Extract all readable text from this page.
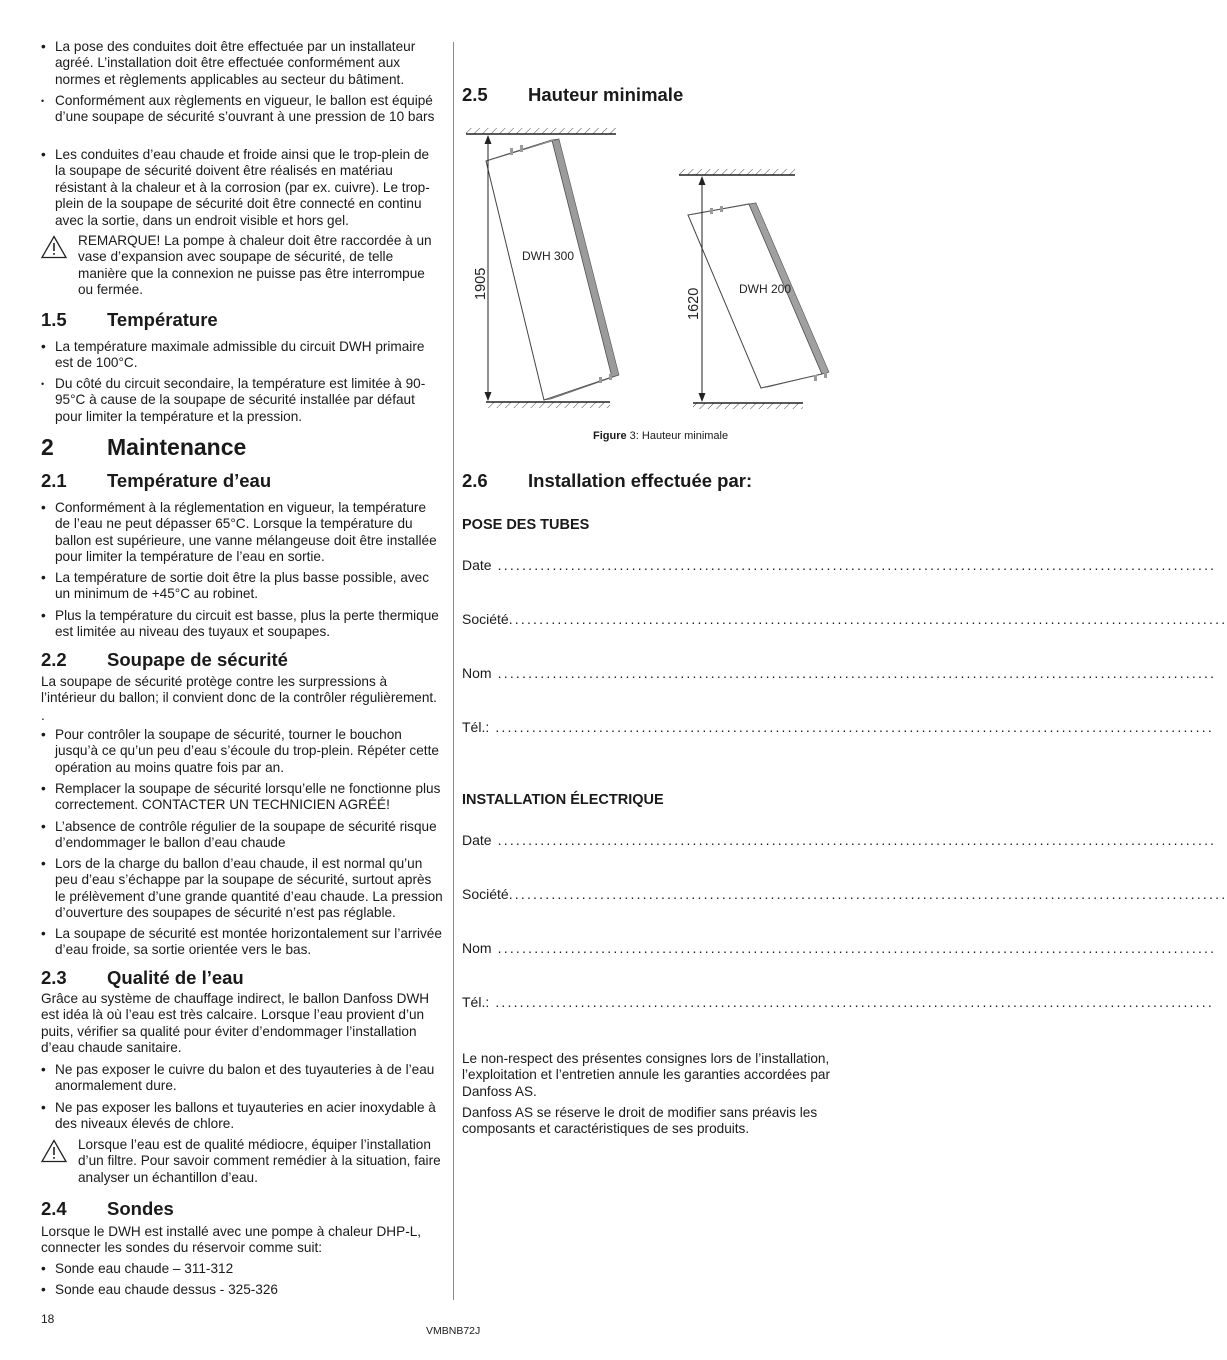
• La pose des conduites doit être effectuée par un installateur agréé. L’installation doit être effectuée conformément aux normes et règlements applicables au secteur du bâtiment.
• Conformément aux règlements en vigueur, le ballon est équipé d’une soupape de sécurité s’ouvrant à une pression de 10 bars
• Les conduites d’eau chaude et froide ainsi que le trop-plein de la soupape de sécurité doivent être réalisés en matériau résistant à la chaleur et à la corrosion (par ex. cuivre). Le trop-plein de la soupape de sécurité doit être connecté en continu avec la sortie, dans un endroit visible et hors gel.
REMARQUE! La pompe à chaleur doit être raccordée à un vase d’expansion avec soupape de sécurité, de telle manière que la connexion ne puisse pas être interrompue ou fermée.
1.5 Température
• La température maximale admissible du circuit DWH primaire est de 100°C.
• Du côté du circuit secondaire, la température est limitée à 90-95°C à cause de la soupape de sécurité installée par défaut pour limiter la température et la pression.
2 Maintenance
2.1 Température d’eau
• Conformément à la réglementation en vigueur, la température de l’eau ne peut dépasser 65°C. Lorsque la température du ballon est supérieure, une vanne mélangeuse doit être installée pour limiter la température de l’eau en sortie.
• La température de sortie doit être la plus basse possible, avec un minimum de +45°C au robinet.
• Plus la température du circuit est basse, plus la perte thermique est limitée au niveau des tuyaux et soupapes.
2.2 Soupape de sécurité
La soupape de sécurité protège contre les surpressions à l’intérieur du ballon; il convient donc de la contrôler régulièrement.
.
• Pour contrôler la soupape de sécurité, tourner le bouchon jusqu’à ce qu’un peu d’eau s’écoule du trop-plein. Répéter cette opération au moins quatre fois par an.
• Remplacer la soupape de sécurité lorsqu’elle ne fonctionne plus correctement. CONTACTER UN TECHNICIEN AGRÉÉ!
• L’absence de contrôle régulier de la soupape de sécurité risque d’endommager le ballon d’eau chaude
• Lors de la charge du ballon d’eau chaude, il est normal qu’un peu d’eau s’échappe par la soupape de sécurité, surtout après le prélèvement d’une grande quantité d’eau chaude. La pression d’ouverture des soupapes de sécurité n’est pas réglable.
• La soupape de sécurité est montée horizontalement sur l’arrivée d’eau froide, sa sortie orientée vers le bas.
2.3 Qualité de l’eau
Grâce au système de chauffage indirect, le ballon Danfoss DWH est idéa là où l’eau est très calcaire. Lorsque l’eau provient d’un puits, vérifier sa qualité pour éviter d’endommager l’installation d’eau chaude sanitaire.
• Ne pas exposer le cuivre du balon et des tuyauteries à de l’eau anormalement dure.
• Ne pas exposer les ballons et tuyauteries en acier inoxydable à des niveaux élevés de chlore.
Lorsque l’eau est de qualité médiocre, équiper l’installation d’un filtre. Pour savoir comment remédier à la situation, faire analyser un échantillon d’eau.
2.4 Sondes
Lorsque le DWH est installé avec une pompe à chaleur DHP-L, connecter les sondes du réservoir comme suit:
• Sonde eau chaude – 311-312
• Sonde eau chaude dessus - 325-326
2.5 Hauteur minimale
1905
DWH 300
1620	DWH 200
Figure 3: Hauteur minimale
2.6 Installation effectuée par:
POSE DES TUBES
Date ......................................................................................................................
Société......................................................................................................................
Nom ......................................................................................................................
Tél.: ......................................................................................................................
INSTALLATION ÉLECTRIQUE
Date ......................................................................................................................
Société......................................................................................................................
Nom ......................................................................................................................
Tél.: ......................................................................................................................
Le non-respect des présentes consignes lors de l’installation, l’exploitation et l’entretien annule les garanties accordées par Danfoss AS.
Danfoss AS se réserve le droit de modifier sans préavis les composants et caractéristiques de ses produits.
18
VMBNB72J
